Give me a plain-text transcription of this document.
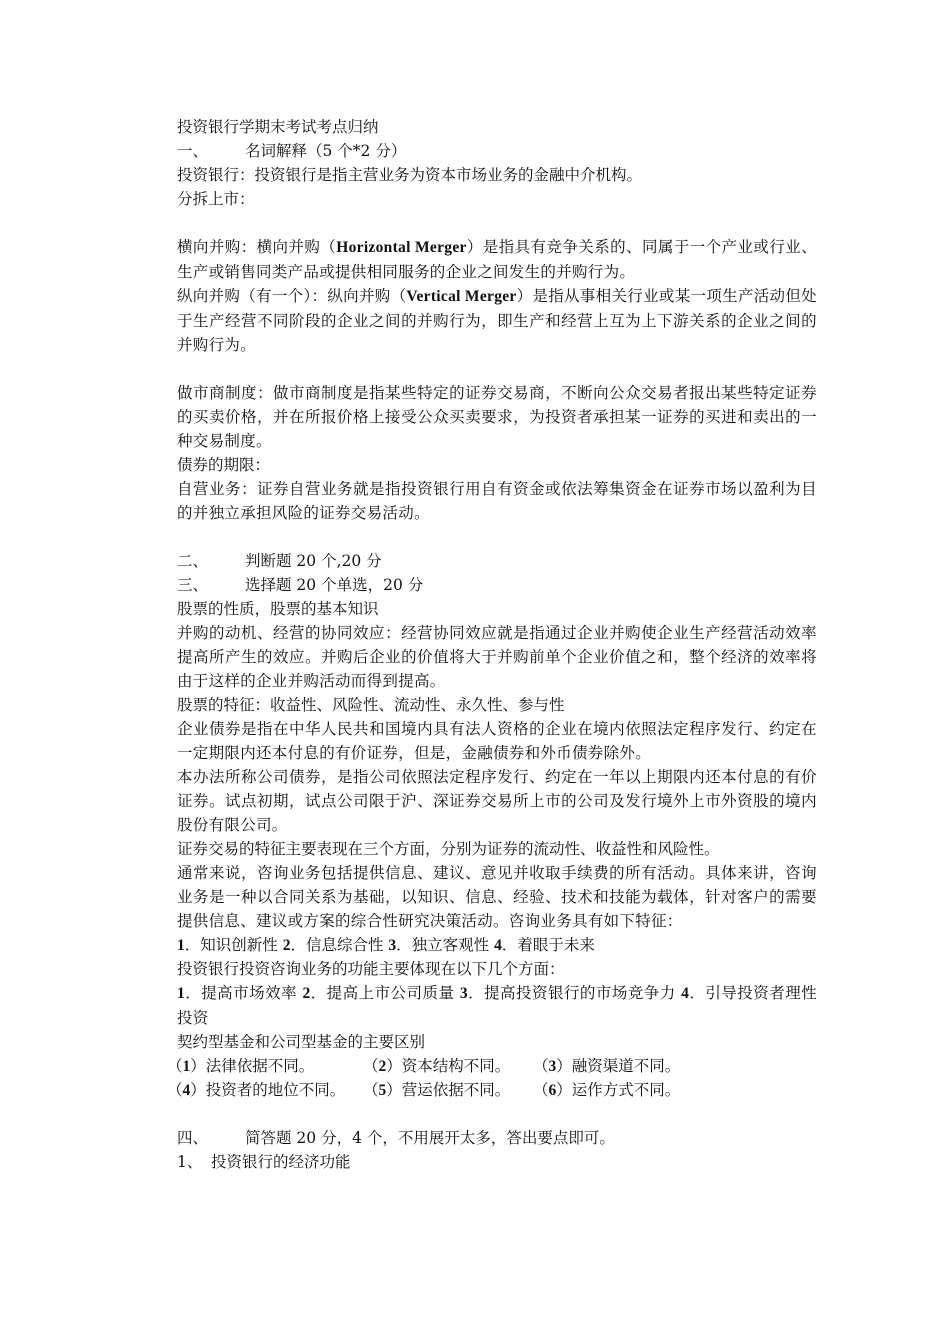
投资银行学期末考试考点归纳
一、 名词解释（5 个*2 分）
投资银行：投资银行是指主营业务为资本市场业务的金融中介机构。
分拆上市：
横向并购：横向并购（Horizontal Merger）是指具有竞争关系的、同属于一个产业或行业、生产或销售同类产品或提供相同服务的企业之间发生的并购行为。
纵向并购（有一个）：纵向并购（Vertical Merger）是指从事相关行业或某一项生产活动但处于生产经营不同阶段的企业之间的并购行为，即生产和经营上互为上下游关系的企业之间的并购行为。
做市商制度：做市商制度是指某些特定的证券交易商，不断向公众交易者报出某些特定证券的买卖价格，并在所报价格上接受公众买卖要求，为投资者承担某一证券的买进和卖出的一种交易制度。
债券的期限：
自营业务：证券自营业务就是指投资银行用自有资金或依法筹集资金在证券市场以盈利为目的并独立承担风险的证券交易活动。
二、 判断题 20 个,20 分
三、 选择题 20 个单选，20 分
股票的性质，股票的基本知识
并购的动机、经营的协同效应：经营协同效应就是指通过企业并购使企业生产经营活动效率提高所产生的效应。并购后企业的价值将大于并购前单个企业价值之和，整个经济的效率将由于这样的企业并购活动而得到提高。
股票的特征：收益性、风险性、流动性、永久性、参与性
企业债券是指在中华人民共和国境内具有法人资格的企业在境内依照法定程序发行、约定在一定期限内还本付息的有价证券，但是，金融债券和外币债券除外。
本办法所称公司债券，是指公司依照法定程序发行、约定在一年以上期限内还本付息的有价证券。试点初期，试点公司限于沪、深证券交易所上市的公司及发行境外上市外资股的境内股份有限公司。
证券交易的特征主要表现在三个方面，分别为证券的流动性、收益性和风险性。
通常来说，咨询业务包括提供信息、建议、意见并收取手续费的所有活动。具体来讲，咨询业务是一种以合同关系为基础，以知识、信息、经验、技术和技能为载体，针对客户的需要提供信息、建议或方案的综合性研究决策活动。咨询业务具有如下特征：
1．知识创新性 2．信息综合性 3．独立客观性 4．着眼于未来
投资银行投资咨询业务的功能主要体现在以下几个方面：
1．提高市场效率 2．提高上市公司质量 3．提高投资银行的市场竞争力 4．引导投资者理性投资
契约型基金和公司型基金的主要区别
（1）法律依据不同。	（2）资本结构不同。 （3）融资渠道不同。
（4）投资者的地位不同。 （5）营运依据不同。 （6）运作方式不同。
四、 简答题 20 分，4 个，不用展开太多，答出要点即可。
1、 投资银行的经济功能
